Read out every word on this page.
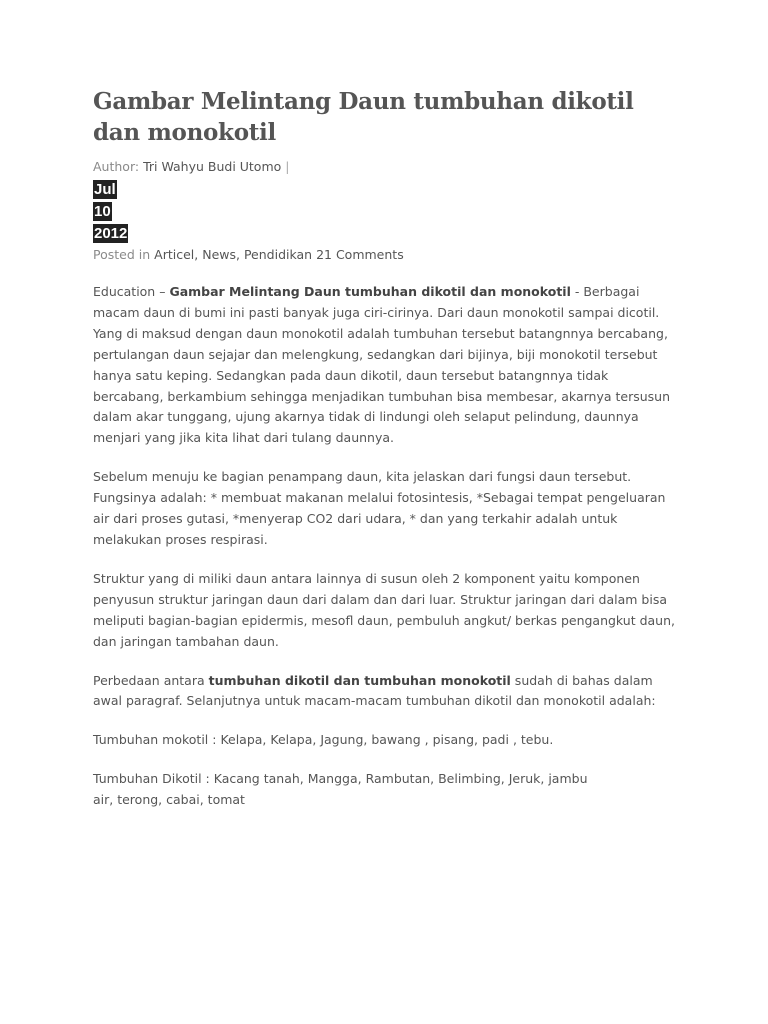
Gambar Melintang Daun tumbuhan dikotil dan monokotil
Author: Tri Wahyu Budi Utomo |
Jul
10
2012
Posted in Articel, News, Pendidikan 21 Comments

Education – Gambar Melintang Daun tumbuhan dikotil dan monokotil - Berbagai macam daun di bumi ini pasti banyak juga ciri-cirinya. Dari daun monokotil sampai dicotil. Yang di maksud dengan daun monokotil adalah tumbuhan tersebut batangnnya bercabang, pertulangan daun sejajar dan melengkung, sedangkan dari bijinya, biji monokotil tersebut hanya satu keping. Sedangkan pada daun dikotil, daun tersebut batangnnya tidak bercabang, berkambium sehingga menjadikan tumbuhan bisa membesar, akarnya tersusun dalam akar tunggang, ujung akarnya tidak di lindungi oleh selaput pelindung, daunnya menjari yang jika kita lihat dari tulang daunnya.

Sebelum menuju ke bagian penampang daun, kita jelaskan dari fungsi daun tersebut. Fungsinya adalah: * membuat makanan melalui fotosintesis, *Sebagai tempat pengeluaran air dari proses gutasi, *menyerap CO2 dari udara, * dan yang terkahir adalah untuk melakukan proses respirasi.

Struktur yang di miliki daun antara lainnya di susun oleh 2 komponent yaitu komponen penyusun struktur jaringan daun dari dalam dan dari luar. Struktur jaringan dari dalam bisa meliputi bagian-bagian epidermis, mesofl daun, pembuluh angkut/ berkas pengangkut daun, dan jaringan tambahan daun.

Perbedaan antara tumbuhan dikotil dan tumbuhan monokotil sudah di bahas dalam awal paragraf. Selanjutnya untuk macam-macam tumbuhan dikotil dan monokotil adalah:

Tumbuhan mokotil : Kelapa, Kelapa, Jagung, bawang , pisang, padi , tebu.

Tumbuhan Dikotil : Kacang tanah, Mangga, Rambutan, Belimbing, Jeruk, jambu
air, terong, cabai, tomat
